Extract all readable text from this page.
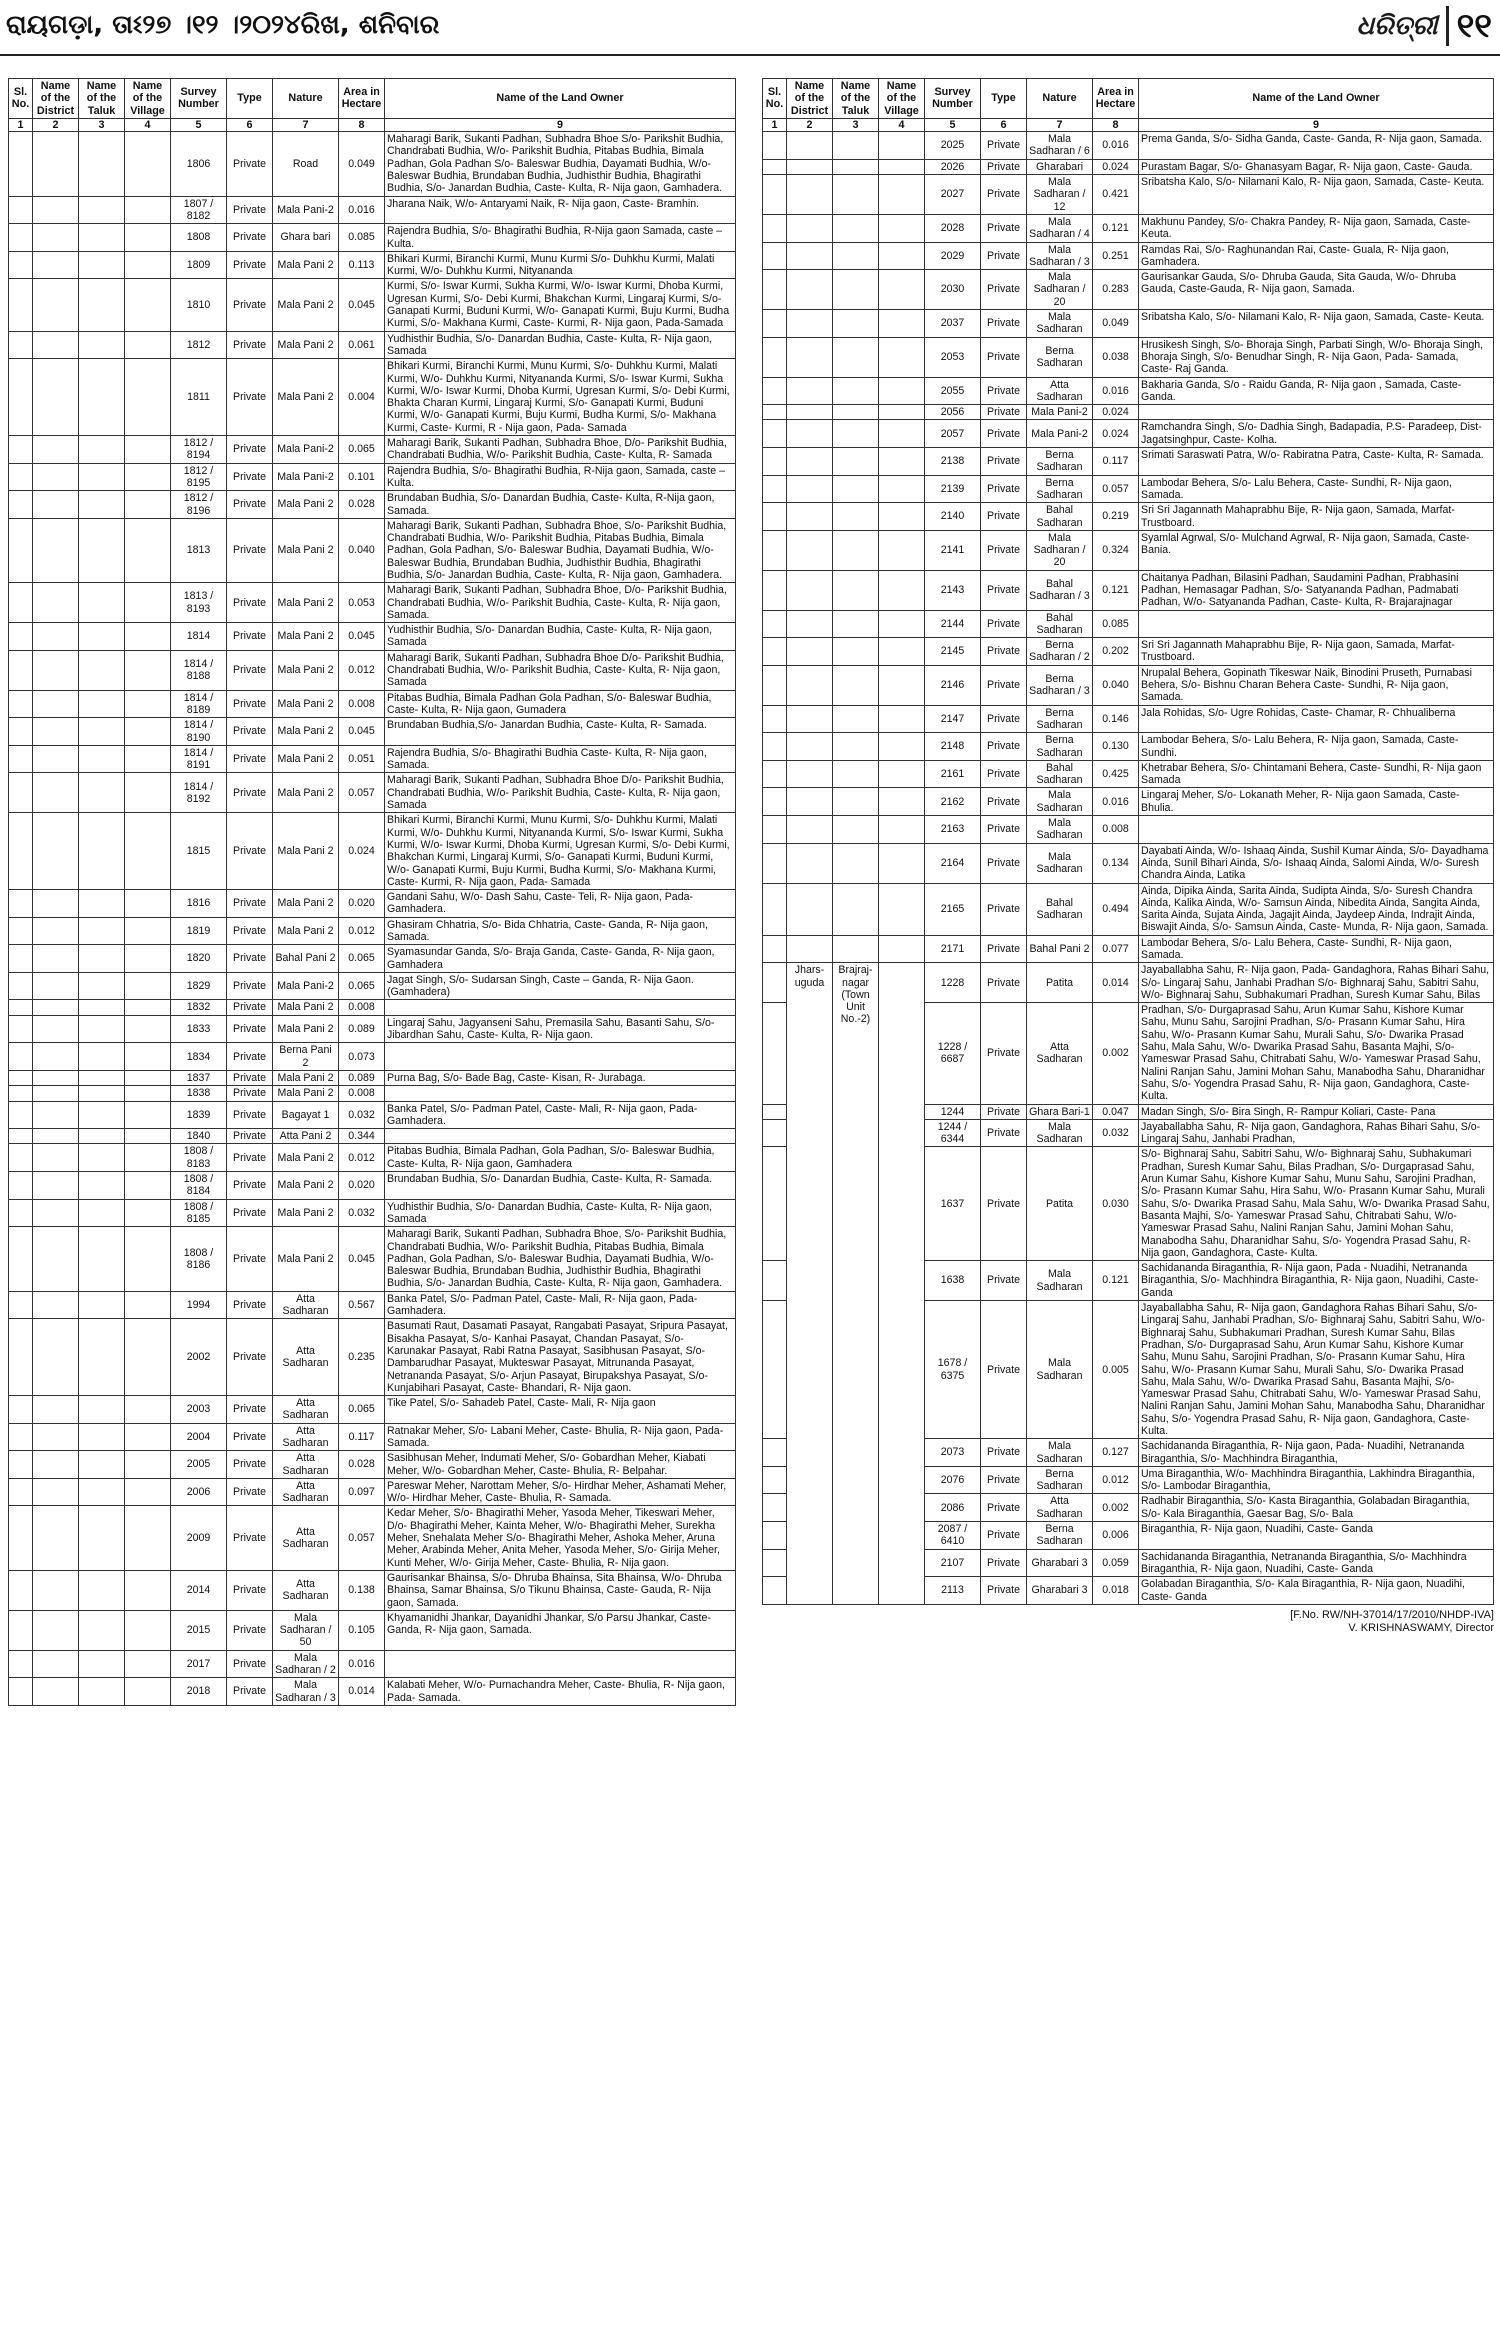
ରାୟଗଡ଼ା, ତାଽ୨୭ ।୧୨ ।୨୦୨୪ରିଖ, ଶନିବାର	ଧରିତ୍ରୀ ୧୧
Sl. No.	Name of the District	Name of the Taluk	Name of the Village	Survey Number	Type	Nature	Area in Hectare	Name of the Land Owner
1	2	3	4	5	6	7	8	9
				1806	Private	Road	0.049	Maharagi Barik, Sukanti Padhan, Subhadra Bhoe S/o- Parikshit Budhia, Chandrabati Budhia, W/o- Parikshit Budhia, Pitabas Budhia, Bimala Padhan, Gola Padhan S/o- Baleswar Budhia, Dayamati Budhia, W/o- Baleswar Budhia, Brundaban Budhia, Judhisthir Budhia, Bhagirathi Budhia, S/o- Janardan Budhia, Caste- Kulta, R- Nija gaon, Gamhadera.
				1807 / 8182	Private	Mala Pani-2	0.016	Jharana Naik, W/o- Antaryami Naik, R- Nija gaon, Caste- Bramhin.
				1808	Private	Ghara bari	0.085	Rajendra Budhia, S/o- Bhagirathi Budhia, R-Nija gaon Samada, caste – Kulta.
				1809	Private	Mala Pani 2	0.113	Bhikari Kurmi, Biranchi Kurmi, Munu Kurmi S/o- Duhkhu Kurmi, Malati Kurmi, W/o- Duhkhu Kurmi, Nityananda
				1810	Private	Mala Pani 2	0.045	Kurmi, S/o- Iswar Kurmi, Sukha Kurmi, W/o- Iswar Kurmi, Dhoba Kurmi, Ugresan Kurmi, S/o- Debi Kurmi, Bhakchan Kurmi, Lingaraj Kurmi, S/o- Ganapati Kurmi, Buduni Kurmi, W/o- Ganapati Kurmi, Buju Kurmi, Budha Kurmi, S/o- Makhana Kurmi, Caste- Kurmi, R- Nija gaon, Pada-Samada
				1812	Private	Mala Pani 2	0.061	Yudhisthir Budhia, S/o- Danardan Budhia, Caste- Kulta, R- Nija gaon, Samada
				1811	Private	Mala Pani 2	0.004	Bhikari Kurmi, Biranchi Kurmi, Munu Kurmi, S/o- Duhkhu Kurmi, Malati Kurmi, W/o- Duhkhu Kurmi, Nityananda Kurmi, S/o- Iswar Kurmi, Sukha Kurmi, W/o- Iswar Kurmi, Dhoba Kurmi, Ugresan Kurmi, S/o- Debi Kurmi, Bhakta Charan Kurmi, Lingaraj Kurmi, S/o- Ganapati Kurmi, Buduni Kurmi, W/o- Ganapati Kurmi, Buju Kurmi, Budha Kurmi, S/o- Makhana Kurmi, Caste- Kurmi, R - Nija gaon, Pada- Samada
				1812 / 8194	Private	Mala Pani-2	0.065	Maharagi Barik, Sukanti Padhan, Subhadra Bhoe, D/o- Parikshit Budhia, Chandrabati Budhia, W/o- Parikshit Budhia, Caste- Kulta, R- Samada
				1812 / 8195	Private	Mala Pani-2	0.101	Rajendra Budhia, S/o- Bhagirathi Budhia, R-Nija gaon, Samada, caste – Kulta.
				1812 / 8196	Private	Mala Pani 2	0.028	Brundaban Budhia, S/o- Danardan Budhia, Caste- Kulta, R-Nija gaon, Samada.
				1813	Private	Mala Pani 2	0.040	Maharagi Barik, Sukanti Padhan, Subhadra Bhoe, S/o- Parikshit Budhia, Chandrabati Budhia, W/o- Parikshit Budhia, Pitabas Budhia, Bimala Padhan, Gola Padhan, S/o- Baleswar Budhia, Dayamati Budhia, W/o- Baleswar Budhia, Brundaban Budhia, Judhisthir Budhia, Bhagirathi Budhia, S/o- Janardan Budhia, Caste- Kulta, R- Nija gaon, Gamhadera.
				1813 / 8193	Private	Mala Pani 2	0.053	Maharagi Barik, Sukanti Padhan, Subhadra Bhoe, D/o- Parikshit Budhia, Chandrabati Budhia, W/o- Parikshit Budhia, Caste- Kulta, R- Nija gaon, Samada.
				1814	Private	Mala Pani 2	0.045	Yudhisthir Budhia, S/o- Danardan Budhia, Caste- Kulta, R- Nija gaon, Samada
				1814 / 8188	Private	Mala Pani 2	0.012	Maharagi Barik, Sukanti Padhan, Subhadra Bhoe D/o- Parikshit Budhia, Chandrabati Budhia, W/o- Parikshit Budhia, Caste- Kulta, R- Nija gaon, Samada
				1814 / 8189	Private	Mala Pani 2	0.008	Pitabas Budhia, Bimala Padhan Gola Padhan, S/o- Baleswar Budhia, Caste- Kulta, R- Nija gaon, Gumadera
				1814 / 8190	Private	Mala Pani 2	0.045	Brundaban Budhia,S/o- Janardan Budhia, Caste- Kulta, R- Samada.
				1814 / 8191	Private	Mala Pani 2	0.051	Rajendra Budhia, S/o- Bhagirathi Budhia Caste- Kulta, R- Nija gaon, Samada.
				1814 / 8192	Private	Mala Pani 2	0.057	Maharagi Barik, Sukanti Padhan, Subhadra Bhoe D/o- Parikshit Budhia, Chandrabati Budhia, W/o- Parikshit Budhia, Caste- Kulta, R- Nija gaon, Samada
				1815	Private	Mala Pani 2	0.024	Bhikari Kurmi, Biranchi Kurmi, Munu Kurmi, S/o- Duhkhu Kurmi, Malati Kurmi, W/o- Duhkhu Kurmi, Nityananda Kurmi, S/o- Iswar Kurmi, Sukha Kurmi, W/o- Iswar Kurmi, Dhoba Kurmi, Ugresan Kurmi, S/o- Debi Kurmi, Bhakchan Kurmi, Lingaraj Kurmi, S/o- Ganapati Kurmi, Buduni Kurmi, W/o- Ganapati Kurmi, Buju Kurmi, Budha Kurmi, S/o- Makhana Kurmi, Caste- Kurmi, R- Nija gaon, Pada- Samada
				1816	Private	Mala Pani 2	0.020	Gandani Sahu, W/o- Dash Sahu, Caste- Teli, R- Nija gaon, Pada- Gamhadera.
				1819	Private	Mala Pani 2	0.012	Ghasiram Chhatria, S/o- Bida Chhatria, Caste- Ganda, R- Nija gaon, Samada.
				1820	Private	Bahal Pani 2	0.065	Syamasundar Ganda, S/o- Braja Ganda, Caste- Ganda, R- Nija gaon, Gamhadera
				1829	Private	Mala Pani-2	0.065	Jagat Singh, S/o- Sudarsan Singh, Caste – Ganda, R- Nija Gaon.(Gamhadera)
				1832	Private	Mala Pani 2	0.008	
				1833	Private	Mala Pani 2	0.089	Lingaraj Sahu, Jagyanseni Sahu, Premasila Sahu, Basanti Sahu, S/o- Jibardhan Sahu, Caste- Kulta, R- Nija gaon.
				1834	Private	Berna Pani 2	0.073	
				1837	Private	Mala Pani 2	0.089	Purna Bag, S/o- Bade Bag, Caste- Kisan, R- Jurabaga.
				1838	Private	Mala Pani 2	0.008	
				1839	Private	Bagayat 1	0.032	Banka Patel, S/o- Padman Patel, Caste- Mali, R- Nija gaon, Pada- Gamhadera.
				1840	Private	Atta Pani 2	0.344	
				1808 / 8183	Private	Mala Pani 2	0.012	Pitabas Budhia, Bimala Padhan, Gola Padhan, S/o- Baleswar Budhia, Caste- Kulta, R- Nija gaon, Gamhadera
				1808 / 8184	Private	Mala Pani 2	0.020	Brundaban Budhia, S/o- Danardan Budhia, Caste- Kulta, R- Samada.
				1808 / 8185	Private	Mala Pani 2	0.032	Yudhisthir Budhia, S/o- Danardan Budhia, Caste- Kulta, R- Nija gaon, Samada
				1808 / 8186	Private	Mala Pani 2	0.045	Maharagi Barik, Sukanti Padhan, Subhadra Bhoe, S/o- Parikshit Budhia, Chandrabati Budhia, W/o- Parikshit Budhia, Pitabas Budhia, Bimala Padhan, Gola Padhan, S/o- Baleswar Budhia, Dayamati Budhia, W/o- Baleswar Budhia, Brundaban Budhia, Judhisthir Budhia, Bhagirathi Budhia, S/o- Janardan Budhia, Caste- Kulta, R- Nija gaon, Gamhadera.
				1994	Private	Atta Sadharan	0.567	Banka Patel, S/o- Padman Patel, Caste- Mali, R- Nija gaon, Pada- Gamhadera.
				2002	Private	Atta Sadharan	0.235	Basumati Raut, Dasamati Pasayat, Rangabati Pasayat, Sripura Pasayat, Bisakha Pasayat, S/o- Kanhai Pasayat, Chandan Pasayat, S/o- Karunakar Pasayat, Rabi Ratna Pasayat, Sasibhusan Pasayat, S/o- Dambarudhar Pasayat, Mukteswar Pasayat, Mitrunanda Pasayat, Netrananda Pasayat, S/o- Arjun Pasayat, Birupakshya Pasayat, S/o- Kunjabihari Pasayat, Caste- Bhandari, R- Nija gaon.
				2003	Private	Atta Sadharan	0.065	Tike Patel, S/o- Sahadeb Patel, Caste- Mali, R- Nija gaon
				2004	Private	Atta Sadharan	0.117	Ratnakar Meher, S/o- Labani Meher, Caste- Bhulia, R- Nija gaon, Pada- Samada.
				2005	Private	Atta Sadharan	0.028	Sasibhusan Meher, Indumati Meher, S/o- Gobardhan Meher, Kiabati Meher, W/o- Gobardhan Meher, Caste- Bhulia, R- Belpahar.
				2006	Private	Atta Sadharan	0.097	Pareswar Meher, Narottam Meher, S/o- Hirdhar Meher, Ashamati Meher, W/o- Hirdhar Meher, Caste- Bhulia, R- Samada.
				2009	Private	Atta Sadharan	0.057	Kedar Meher, S/o- Bhagirathi Meher, Yasoda Meher, Tikeswari Meher, D/o- Bhagirathi Meher, Kainta Meher, W/o- Bhagirathi Meher, Surekha Meher, Snehalata Meher S/o- Bhagirathi Meher, Ashoka Meher, Aruna Meher, Arabinda Meher, Anita Meher, Yasoda Meher, S/o- Girija Meher, Kunti Meher, W/o- Girija Meher, Caste- Bhulia, R- Nija gaon.
				2014	Private	Atta Sadharan	0.138	Gaurisankar Bhainsa, S/o- Dhruba Bhainsa, Sita Bhainsa, W/o- Dhruba Bhainsa, Samar Bhainsa, S/o Tikunu Bhainsa, Caste- Gauda, R- Nija gaon, Samada.
				2015	Private	Mala Sadharan / 50	0.105	Khyamanidhi Jhankar, Dayanidhi Jhankar, S/o Parsu Jhankar, Caste- Ganda, R- Nija gaon, Samada.
				2017	Private	Mala Sadharan / 2	0.016	
				2018	Private	Mala Sadharan / 3	0.014	Kalabati Meher, W/o- Purnachandra Meher, Caste- Bhulia, R- Nija gaon, Pada- Samada.
Sl. No.	Name of the District	Name of the Taluk	Name of the Village	Survey Number	Type	Nature	Area in Hectare	Name of the Land Owner
1	2	3	4	5	6	7	8	9
				2025	Private	Mala Sadharan / 6	0.016	Prema Ganda, S/o- Sidha Ganda, Caste- Ganda, R- Nija gaon, Samada.
				2026	Private	Gharabari	0.024	Purastam Bagar, S/o- Ghanasyam Bagar, R- Nija gaon, Caste- Gauda.
				2027	Private	Mala Sadharan / 12	0.421	Sribatsha Kalo, S/o- Nilamani Kalo, R- Nija gaon, Samada, Caste- Keuta.
				2028	Private	Mala Sadharan / 4	0.121	Makhunu Pandey, S/o- Chakra Pandey, R- Nija gaon, Samada, Caste- Keuta.
				2029	Private	Mala Sadharan / 3	0.251	Ramdas Rai, S/o- Raghunandan Rai, Caste- Guala, R- Nija gaon, Gamhadera.
				2030	Private	Mala Sadharan / 20	0.283	Gaurisankar Gauda, S/o- Dhruba Gauda, Sita Gauda, W/o- Dhruba Gauda, Caste-Gauda, R- Nija gaon, Samada.
				2037	Private	Mala Sadharan	0.049	Sribatsha Kalo, S/o- Nilamani Kalo, R- Nija gaon, Samada, Caste- Keuta.
				2053	Private	Berna Sadharan	0.038	Hrusikesh Singh, S/o- Bhoraja Singh, Parbati Singh, W/o- Bhoraja Singh, Bhoraja Singh, S/o- Benudhar Singh, R- Nija Gaon, Pada- Samada, Caste- Raj Ganda.
				2055	Private	Atta Sadharan	0.016	Bakharia Ganda, S/o - Raidu Ganda, R- Nija gaon , Samada, Caste- Ganda.
				2056	Private	Mala Pani-2	0.024	
				2057	Private	Mala Pani-2	0.024	Ramchandra Singh, S/o- Dadhia Singh, Badapadia, P.S- Paradeep, Dist- Jagatsinghpur, Caste- Kolha.
				2138	Private	Berna Sadharan	0.117	Srimati Saraswati Patra, W/o- Rabiratna Patra, Caste- Kulta, R- Samada.
				2139	Private	Berna Sadharan	0.057	Lambodar Behera, S/o- Lalu Behera, Caste- Sundhi, R- Nija gaon, Samada.
				2140	Private	Bahal Sadharan	0.219	Sri Sri Jagannath Mahaprabhu Bije, R- Nija gaon, Samada, Marfat- Trustboard.
				2141	Private	Mala Sadharan / 20	0.324	Syamlal Agrwal, S/o- Mulchand Agrwal, R- Nija gaon, Samada, Caste- Bania.
				2143	Private	Bahal Sadharan / 3	0.121	Chaitanya Padhan, Bilasini Padhan, Saudamini Padhan, Prabhasini Padhan, Hemasagar Padhan, S/o- Satyananda Padhan, Padmabati Padhan, W/o- Satyananda Padhan, Caste- Kulta, R- Brajarajnagar
				2144	Private	Bahal Sadharan	0.085	
				2145	Private	Berna Sadharan / 2	0.202	Sri Sri Jagannath Mahaprabhu Bije, R- Nija gaon, Samada, Marfat- Trustboard.
				2146	Private	Berna Sadharan / 3	0.040	Nrupalal Behera, Gopinath Tikeswar Naik, Binodini Pruseth, Purnabasi Behera, S/o- Bishnu Charan Behera Caste- Sundhi, R- Nija gaon, Samada.
				2147	Private	Berna Sadharan	0.146	Jala Rohidas, S/o- Ugre Rohidas, Caste- Chamar, R- Chhualiberna
				2148	Private	Berna Sadharan	0.130	Lambodar Behera, S/o- Lalu Behera, R- Nija gaon, Samada, Caste- Sundhi.
				2161	Private	Bahal Sadharan	0.425	Khetrabar Behera, S/o- Chintamani Behera, Caste- Sundhi, R- Nija gaon Samada
				2162	Private	Mala Sadharan	0.016	Lingaraj Meher, S/o- Lokanath Meher, R- Nija gaon Samada, Caste- Bhulia.
				2163	Private	Mala Sadharan	0.008	
				2164	Private	Mala Sadharan	0.134	Dayabati Ainda, W/o- Ishaaq Ainda, Sushil Kumar Ainda, S/o- Dayadhama Ainda, Sunil Bihari Ainda, S/o- Ishaaq Ainda, Salomi Ainda, W/o- Suresh Chandra Ainda, Latika
				2165	Private	Bahal Sadharan	0.494	Ainda, Dipika Ainda, Sarita Ainda, Sudipta Ainda, S/o- Suresh Chandra Ainda, Kalika Ainda, W/o- Samsun Ainda, Nibedita Ainda, Sangita Ainda, Sarita Ainda, Sujata Ainda, Jagajit Ainda, Jaydeep Ainda, Indrajit Ainda, Biswajit Ainda, S/o- Samsun Ainda, Caste- Munda, R- Nija gaon, Samada.
				2171	Private	Bahal Pani 2	0.077	Lambodar Behera, S/o- Lalu Behera, Caste- Sundhi, R- Nija gaon, Samada.
	Jhars- uguda	Brajraj- nagar (Town Unit No.-2)		1228	Private	Patita	0.014	Jayaballabha Sahu, R- Nija gaon, Pada- Gandaghora, Rahas Bihari Sahu, S/o- Lingaraj Sahu, Janhabi Pradhan S/o- Bighnaraj Sahu, Sabitri Sahu, W/o- Bighnaraj Sahu, Subhakumari Pradhan, Suresh Kumar Sahu, Bilas
				1228 / 6687	Private	Atta Sadharan	0.002	Pradhan, S/o- Durgaprasad Sahu, Arun Kumar Sahu, Kishore Kumar Sahu, Munu Sahu, Sarojini Pradhan, S/o- Prasann Kumar Sahu, Hira Sahu, W/o- Prasann Kumar Sahu, Murali Sahu, S/o- Dwarika Prasad Sahu, Mala Sahu, W/o- Dwarika Prasad Sahu, Basanta Majhi, S/o- Yameswar Prasad Sahu, Chitrabati Sahu, W/o- Yameswar Prasad Sahu, Nalini Ranjan Sahu, Jamini Mohan Sahu, Manabodha Sahu, Dharanidhar Sahu, S/o- Yogendra Prasad Sahu, R- Nija gaon, Gandaghora, Caste- Kulta.
				1244	Private	Ghara Bari-1	0.047	Madan Singh, S/o- Bira Singh, R- Rampur Koliari, Caste- Pana
				1244 / 6344	Private	Mala Sadharan	0.032	Jayaballabha Sahu, R- Nija gaon, Gandaghora, Rahas Bihari Sahu, S/o- Lingaraj Sahu, Janhabi Pradhan,
				1637	Private	Patita	0.030	S/o- Bighnaraj Sahu, Sabitri Sahu, W/o- Bighnaraj Sahu, Subhakumari Pradhan, Suresh Kumar Sahu, Bilas Pradhan, S/o- Durgaprasad Sahu, Arun Kumar Sahu, Kishore Kumar Sahu, Munu Sahu, Sarojini Pradhan, S/o- Prasann Kumar Sahu, Hira Sahu, W/o- Prasann Kumar Sahu, Murali Sahu, S/o- Dwarika Prasad Sahu, Mala Sahu, W/o- Dwarika Prasad Sahu, Basanta Majhi, S/o- Yameswar Prasad Sahu, Chitrabati Sahu, W/o- Yameswar Prasad Sahu, Nalini Ranjan Sahu, Jamini Mohan Sahu, Manabodha Sahu, Dharanidhar Sahu, S/o- Yogendra Prasad Sahu, R- Nija gaon, Gandaghora, Caste- Kulta.
				1638	Private	Mala Sadharan	0.121	Sachidananda Biraganthia, R- Nija gaon, Pada - Nuadihi, Netrananda Biraganthia, S/o- Machhindra Biraganthia, R- Nija gaon, Nuadihi, Caste- Ganda
				1678 / 6375	Private	Mala Sadharan	0.005	Jayaballabha Sahu, R- Nija gaon, Gandaghora Rahas Bihari Sahu, S/o- Lingaraj Sahu, Janhabi Pradhan, S/o- Bighnaraj Sahu, Sabitri Sahu, W/o- Bighnaraj Sahu, Subhakumari Pradhan, Suresh Kumar Sahu, Bilas Pradhan, S/o- Durgaprasad Sahu, Arun Kumar Sahu, Kishore Kumar Sahu, Munu Sahu, Sarojini Pradhan, S/o- Prasann Kumar Sahu, Hira Sahu, W/o- Prasann Kumar Sahu, Murali Sahu, S/o- Dwarika Prasad Sahu, Mala Sahu, W/o- Dwarika Prasad Sahu, Basanta Majhi, S/o- Yameswar Prasad Sahu, Chitrabati Sahu, W/o- Yameswar Prasad Sahu, Nalini Ranjan Sahu, Jamini Mohan Sahu, Manabodha Sahu, Dharanidhar Sahu, S/o- Yogendra Prasad Sahu, R- Nija gaon, Gandaghora, Caste- Kulta.
				2073	Private	Mala Sadharan	0.127	Sachidananda Biraganthia, R- Nija gaon, Pada- Nuadihi, Netrananda Biraganthia, S/o- Machhindra Biraganthia,
				2076	Private	Berna Sadharan	0.012	Uma Biraganthia, W/o- Machhindra Biraganthia, Lakhindra Biraganthia, S/o- Lambodar Biraganthia,
				2086	Private	Atta Sadharan	0.002	Radhabir Biraganthia, S/o- Kasta Biraganthia, Golabadan Biraganthia, S/o- Kala Biraganthia, Gaesar Bag, S/o- Bala
				2087 / 6410	Private	Berna Sadharan	0.006	Biraganthia, R- Nija gaon, Nuadihi, Caste- Ganda
				2107	Private	Gharabari 3	0.059	Sachidananda Biraganthia, Netrananda Biraganthia, S/o- Machhindra Biraganthia, R- Nija gaon, Nuadihi, Caste- Ganda
				2113	Private	Gharabari 3	0.018	Golabadan Biraganthia, S/o- Kala Biraganthia, R- Nija gaon, Nuadihi, Caste- Ganda
[F.No. RW/NH-37014/17/2010/NHDP-IVA]
V. KRISHNASWAMY, Director
